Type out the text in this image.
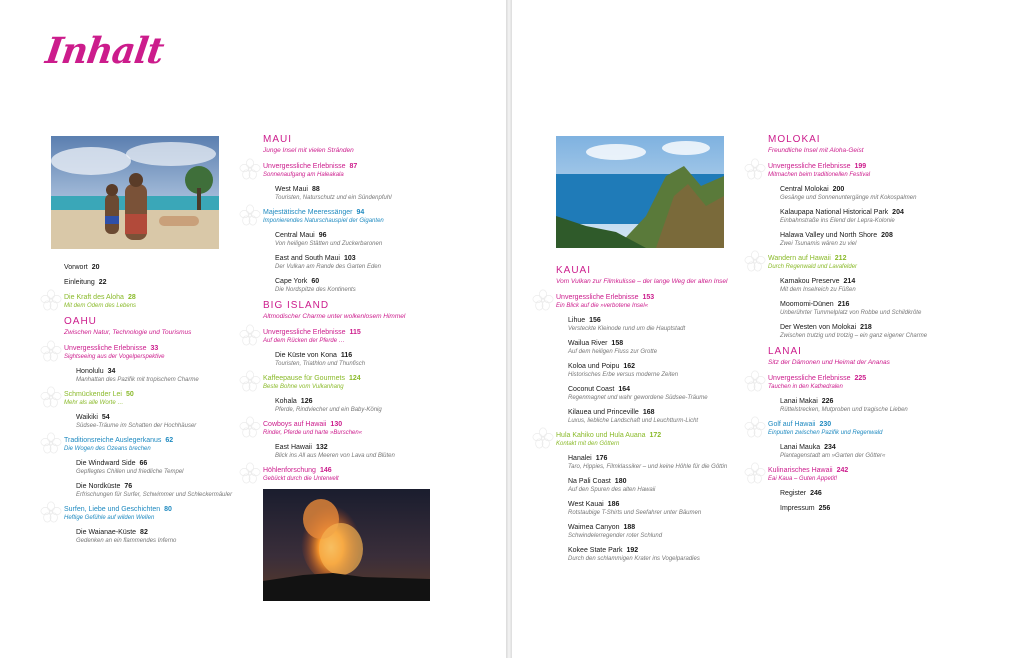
Inhalt
Vorwort 20
Einleitung 22
Die Kraft des Aloha 28
Mit dem Odem des Lebens
OAHU
Zwischen Natur, Technologie und Tourismus
Unvergessliche Erlebnisse 33
Sightseeing aus der Vogelperspektive
Honolulu 34
Manhattan des Pazifik mit tropischem Charme
Schmückender Lei 50
Mehr als alle Worte …
Waikiki 54
Südsee-Träume im Schatten der Hochhäuser
Traditionsreiche Auslegerkanus 62
Die Wogen des Ozeans brechen
Die Windward Side 66
Gepflegtes Chillen und friedliche Tempel
Die Nordküste 76
Erfrischungen für Surfer, Schwimmer und Schleckermäuler
Surfen, Liebe und Geschichten 80
Heftige Gefühle auf wilden Wellen
Die Waianae-Küste 82
Gedenken an ein flammendes Inferno
MAUI
Junge Insel mit vielen Stränden
Unvergessliche Erlebnisse 87
Sonnenaufgang am Haleakala
West Maui 88
Touristen, Naturschutz und ein Sündenpfuhl
Majestätische Meeressänger 94
Imponierendes Naturschauspiel der Giganten
Central Maui 96
Von heiligen Stätten und Zuckerbaronen
East and South Maui 103
Der Vulkan am Rande des Garten Eden
Cape York 60
Die Nordspitze des Kontinents
BIG ISLAND
Altmodischer Charme unter wolkenlosem Himmel
Unvergessliche Erlebnisse 115
Auf dem Rücken der Pferde …
Die Küste von Kona 116
Touristen, Triathlon und Thunfisch
Kaffeepause für Gourmets 124
Beste Bohne vom Vulkanhang
Kohala 126
Pferde, Rindviecher und ein Baby-König
Cowboys auf Hawaii 130
Rinder, Pferde und harte »Burschen«
East Hawaii 132
Blick ins All aus Meeren von Lava und Blüten
Höhlenforschung 146
Gebückt durch die Unterwelt
KAUAI
Vom Vulkan zur Filmkulisse – der lange Weg der alten Insel
Unvergessliche Erlebnisse 153
Ein Blick auf die »verbotene Insel«
Lihue 156
Versteckte Kleinode rund um die Hauptstadt
Wailua River 158
Auf dem heiligen Fluss zur Grotte
Koloa und Poipu 162
Historisches Erbe versus moderne Zeiten
Coconut Coast 164
Regenmagnet und wahr gewordene Südsee-Träume
Kilauea und Princeville 168
Luxus, liebliche Landschaft und Leuchtturm-Licht
Hula Kahiko und Hula Auana 172
Kontakt mit den Göttern
Hanalei 176
Taro, Hippies, Filmklassiker – und keine Höhle für die Göttin
Na Pali Coast 180
Auf den Spuren des alten Hawaii
West Kauai 186
Rotstaubige T-Shirts und Seefahrer unter Bäumen
Waimea Canyon 188
Schwindelerregender roter Schlund
Kokee State Park 192
Durch den schlammigen Krater ins Vogelparadies
MOLOKAI
Freundliche Insel mit Aloha-Geist
Unvergessliche Erlebnisse 199
Mitmachen beim traditionellen Festival
Central Molokai 200
Gesänge und Sonnenuntergänge mit Kokospalmen
Kalaupapa National Historical Park 204
Einbahnstraße ins Elend der Lepra-Kolonie
Halawa Valley und North Shore 208
Zwei Tsunamis wären zu viel
Wandern auf Hawaii 212
Durch Regenwald und Lavafelder
Kamakou Preserve 214
Mit dem Inselreich zu Füßen
Moomomi-Dünen 216
Unberührter Tummelplatz von Robbe und Schildkröte
Der Westen von Molokai 218
Zwischen trutzig und trotzig – ein ganz eigener Charme
LANAI
Sitz der Dämonen und Heimat der Ananas
Unvergessliche Erlebnisse 225
Tauchen in den Kathedralen
Lanai Makai 226
Rüttelstrecken, Mutproben und tragische Lieben
Golf auf Hawaii 230
Einputten zwischen Pazifik und Regenwald
Lanai Mauka 234
Plantagenstadt am »Garten der Götter«
Kulinarisches Hawaii 242
Eai Kaua – Guten Appetit!
Register 246
Impressum 256
